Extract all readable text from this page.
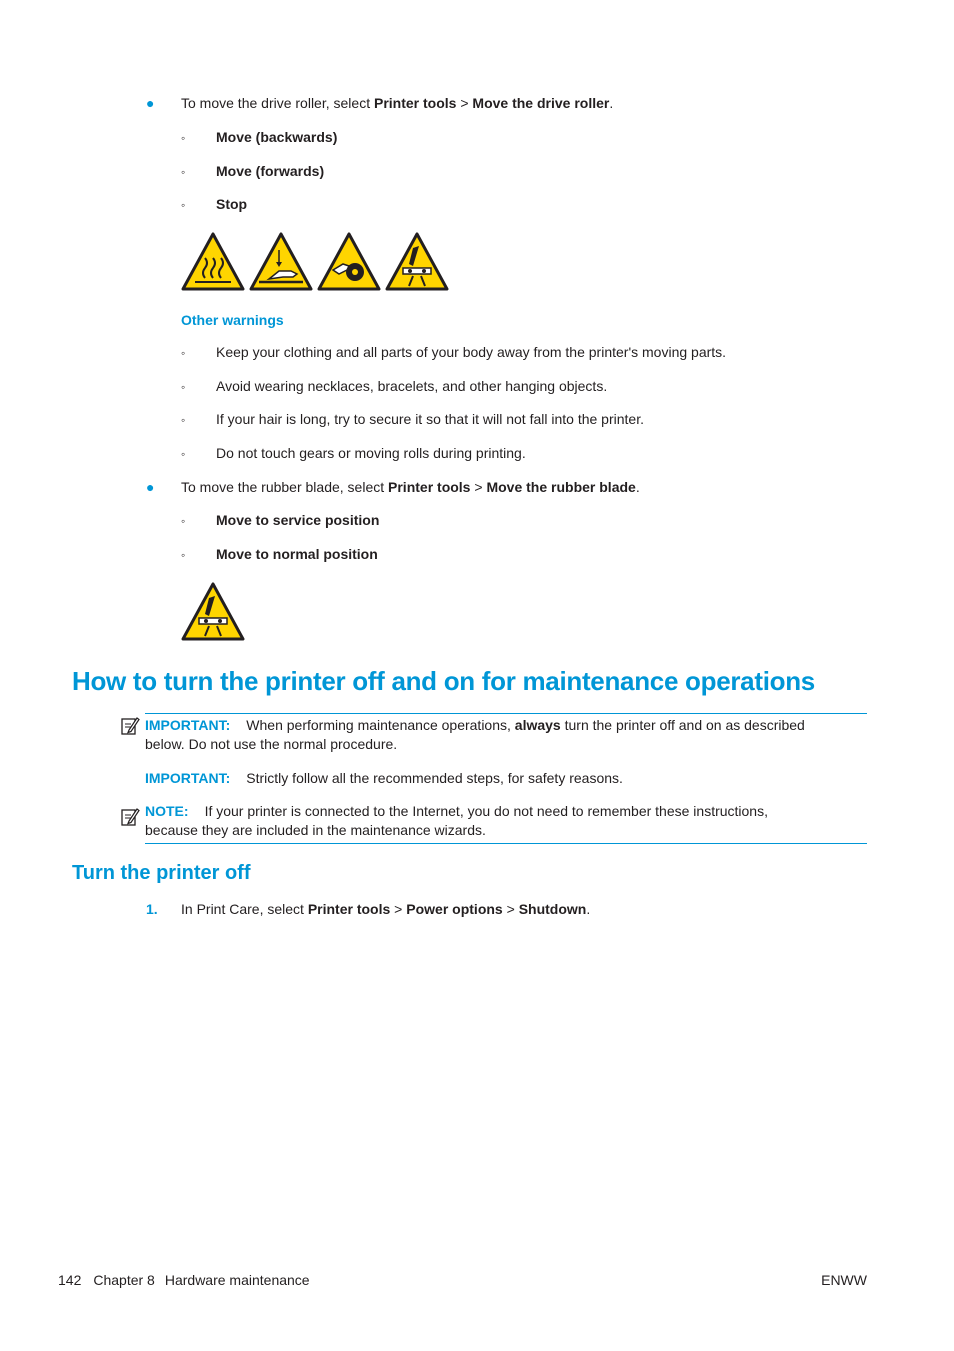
● To move the drive roller, select Printer tools > Move the drive roller.
◦ Move (backwards)
◦ Move (forwards)
◦ Stop
Other warnings
◦ Keep your clothing and all parts of your body away from the printer's moving parts.
◦ Avoid wearing necklaces, bracelets, and other hanging objects.
◦ If your hair is long, try to secure it so that it will not fall into the printer.
◦ Do not touch gears or moving rolls during printing.
● To move the rubber blade, select Printer tools > Move the rubber blade.
◦ Move to service position
◦ Move to normal position
How to turn the printer off and on for maintenance operations
IMPORTANT: When performing maintenance operations, always turn the printer off and on as described
below. Do not use the normal procedure.
IMPORTANT: Strictly follow all the recommended steps, for safety reasons.
NOTE: If your printer is connected to the Internet, you do not need to remember these instructions,
because they are included in the maintenance wizards.
Turn the printer off
1. In Print Care, select Printer tools > Power options > Shutdown.
142 Chapter 8 Hardware maintenance	ENWW
